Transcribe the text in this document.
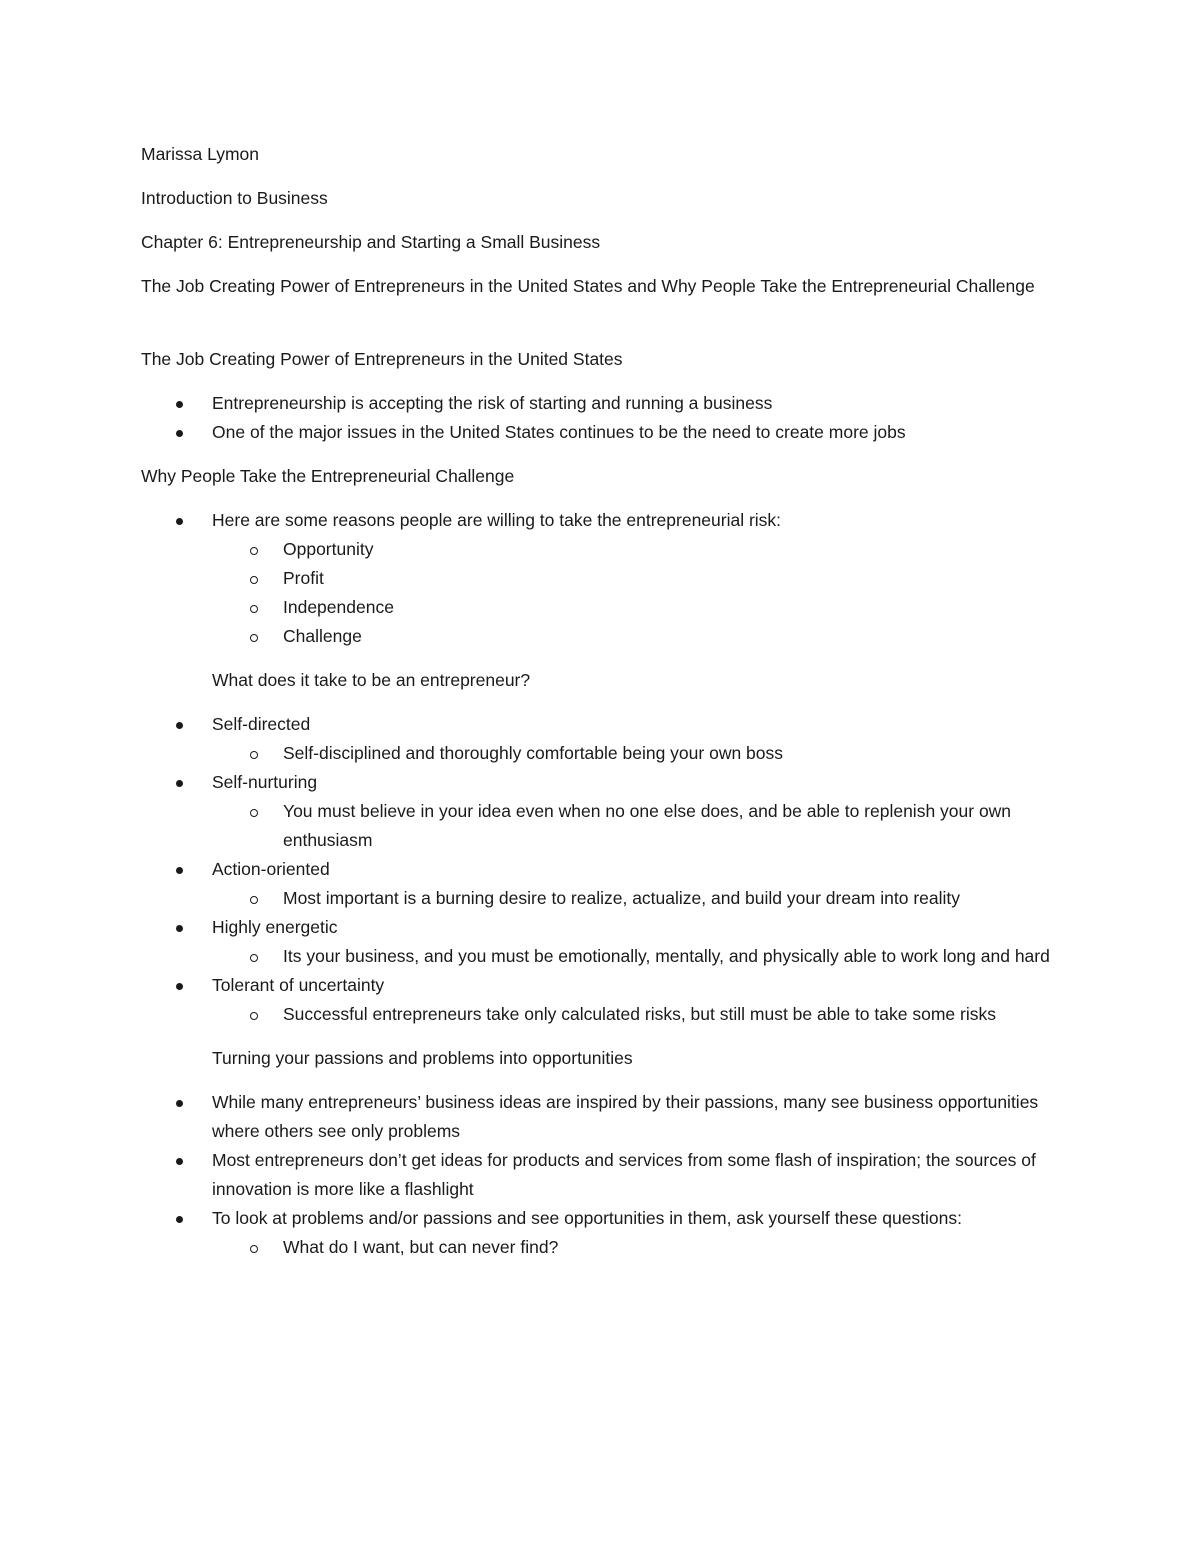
Marissa Lymon

Introduction to Business

Chapter 6: Entrepreneurship and Starting a Small Business

The Job Creating Power of Entrepreneurs in the United States and Why People Take the Entrepreneurial Challenge

The Job Creating Power of Entrepreneurs in the United States

Entrepreneurship is accepting the risk of starting and running a business
One of the major issues in the United States continues to be the need to create more jobs

Why People Take the Entrepreneurial Challenge

Here are some reasons people are willing to take the entrepreneurial risk:
Opportunity
Profit
Independence
Challenge

What does it take to be an entrepreneur?

Self-directed
Self-disciplined and thoroughly comfortable being your own boss
Self-nurturing
You must believe in your idea even when no one else does, and be able to replenish your own enthusiasm
Action-oriented
Most important is a burning desire to realize, actualize, and build your dream into reality
Highly energetic
Its your business, and you must be emotionally, mentally, and physically able to work long and hard
Tolerant of uncertainty
Successful entrepreneurs take only calculated risks, but still must be able to take some risks

Turning your passions and problems into opportunities

While many entrepreneurs’ business ideas are inspired by their passions, many see business opportunities where others see only problems
Most entrepreneurs don’t get ideas for products and services from some flash of inspiration; the sources of innovation is more like a flashlight
To look at problems and/or passions and see opportunities in them, ask yourself these questions:
What do I want, but can never find?
